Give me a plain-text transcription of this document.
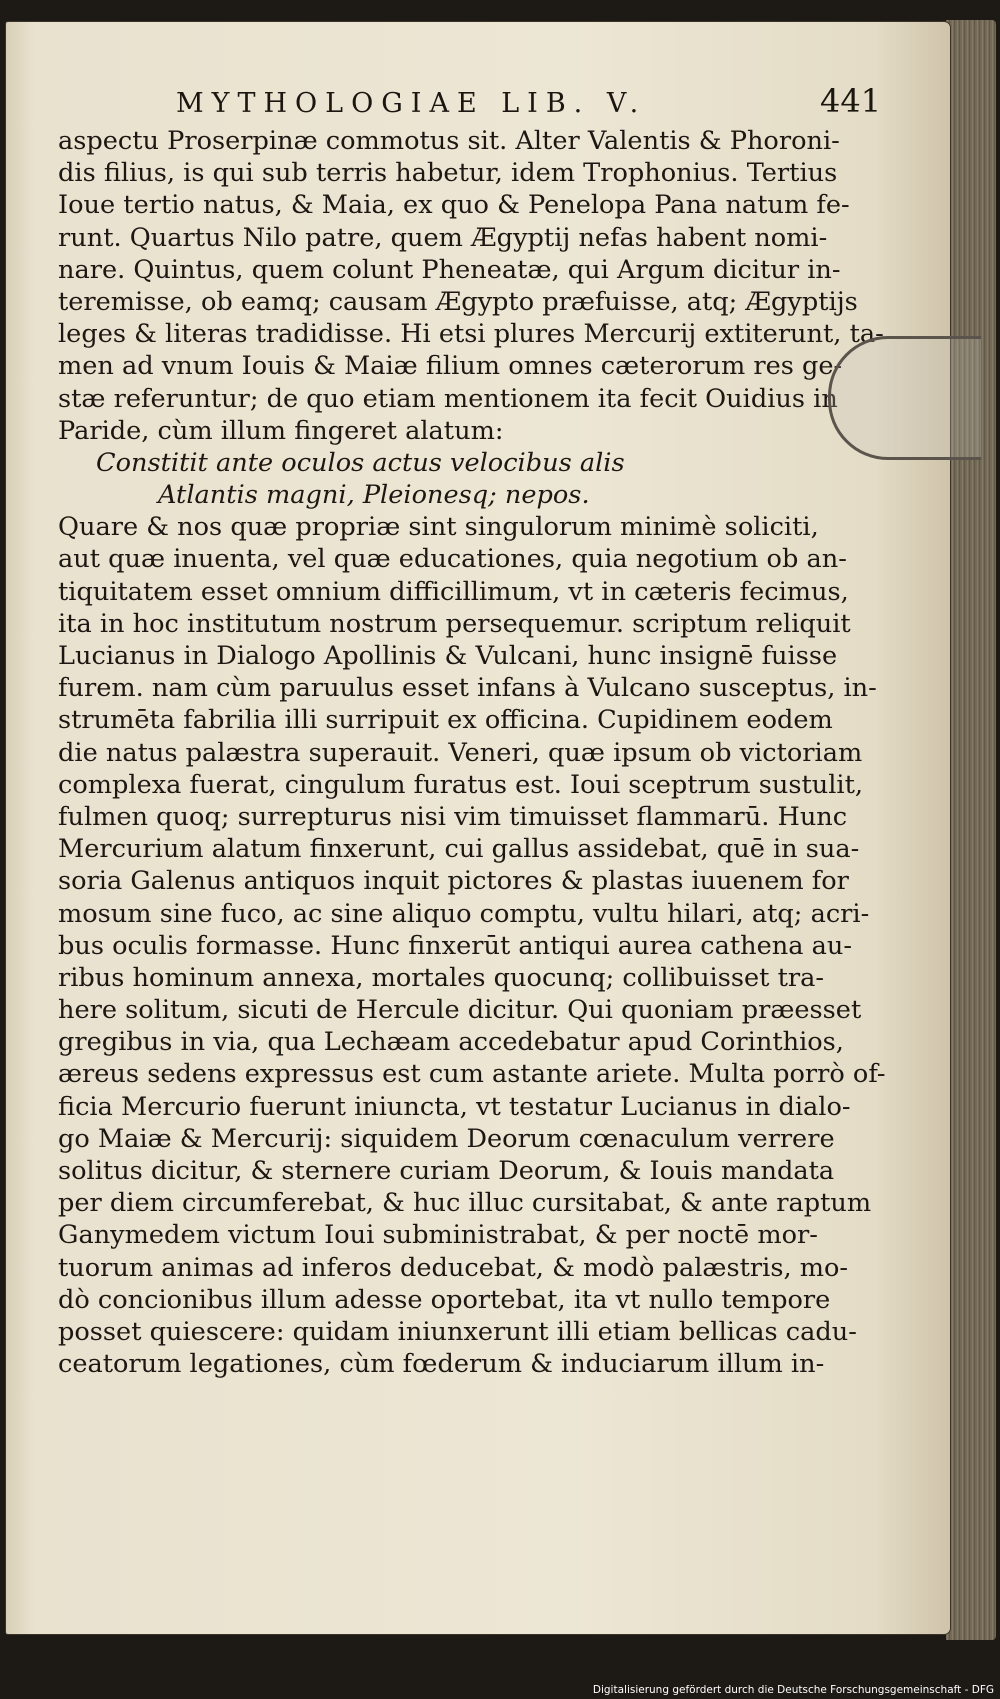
MYTHOLOGIAE LIB. V.	441
aspectu Proserpinæ commotus sit. Alter Valentis & Phoroni-
dis filius, is qui sub terris habetur, idem Trophonius. Tertius
Ioue tertio natus, & Maia, ex quo & Penelopa Pana natum fe-
runt. Quartus Nilo patre, quem Ægyptij nefas habent nomi-
nare. Quintus, quem colunt Pheneatæ, qui Argum dicitur in-
teremisse, ob eamq; causam Ægypto præfuisse, atq; Ægyptijs
leges & literas tradidisse. Hi etsi plures Mercurij extiterunt, ta-
men ad vnum Iouis & Maiæ filium omnes cæterorum res ge-
stæ referuntur; de quo etiam mentionem ita fecit Ouidius in
Paride, cùm illum fingeret alatum:
Constitit ante oculos actus velocibus alis
Atlantis magni, Pleionesq; nepos.
Quare & nos quæ propriæ sint singulorum minimè soliciti,
aut quæ inuenta, vel quæ educationes, quia negotium ob an-
tiquitatem esset omnium difficillimum, vt in cæteris fecimus,
ita in hoc institutum nostrum persequemur. scriptum reliquit
Lucianus in Dialogo Apollinis & Vulcani, hunc insignē fuisse
furem. nam cùm paruulus esset infans à Vulcano susceptus, in-
strumēta fabrilia illi surripuit ex officina. Cupidinem eodem
die natus palæstra superauit. Veneri, quæ ipsum ob victoriam
complexa fuerat, cingulum furatus est. Ioui sceptrum sustulit,
fulmen quoq; surrepturus nisi vim timuisset flammarū. Hunc
Mercurium alatum finxerunt, cui gallus assidebat, quē in sua-
soria Galenus antiquos inquit pictores & plastas iuuenem for
mosum sine fuco, ac sine aliquo comptu, vultu hilari, atq; acri-
bus oculis formasse. Hunc finxerūt antiqui aurea cathena au-
ribus hominum annexa, mortales quocunq; collibuisset tra-
here solitum, sicuti de Hercule dicitur. Qui quoniam præesset
gregibus in via, qua Lechæam accedebatur apud Corinthios,
æreus sedens expressus est cum astante ariete. Multa porrò of-
ficia Mercurio fuerunt iniuncta, vt testatur Lucianus in dialo-
go Maiæ & Mercurij: siquidem Deorum cœnaculum verrere
solitus dicitur, & sternere curiam Deorum, & Iouis mandata
per diem circumferebat, & huc illuc cursitabat, & ante raptum
Ganymedem victum Ioui subministrabat, & per noctē mor-
tuorum animas ad inferos deducebat, & modò palæstris, mo-
dò concionibus illum adesse oportebat, ita vt nullo tempore
posset quiescere: quidam iniunxerunt illi etiam bellicas cadu-
ceatorum legationes, cùm fœderum & induciarum illum in-
Digitalisierung gefördert durch die Deutsche Forschungsgemeinschaft - DFG
